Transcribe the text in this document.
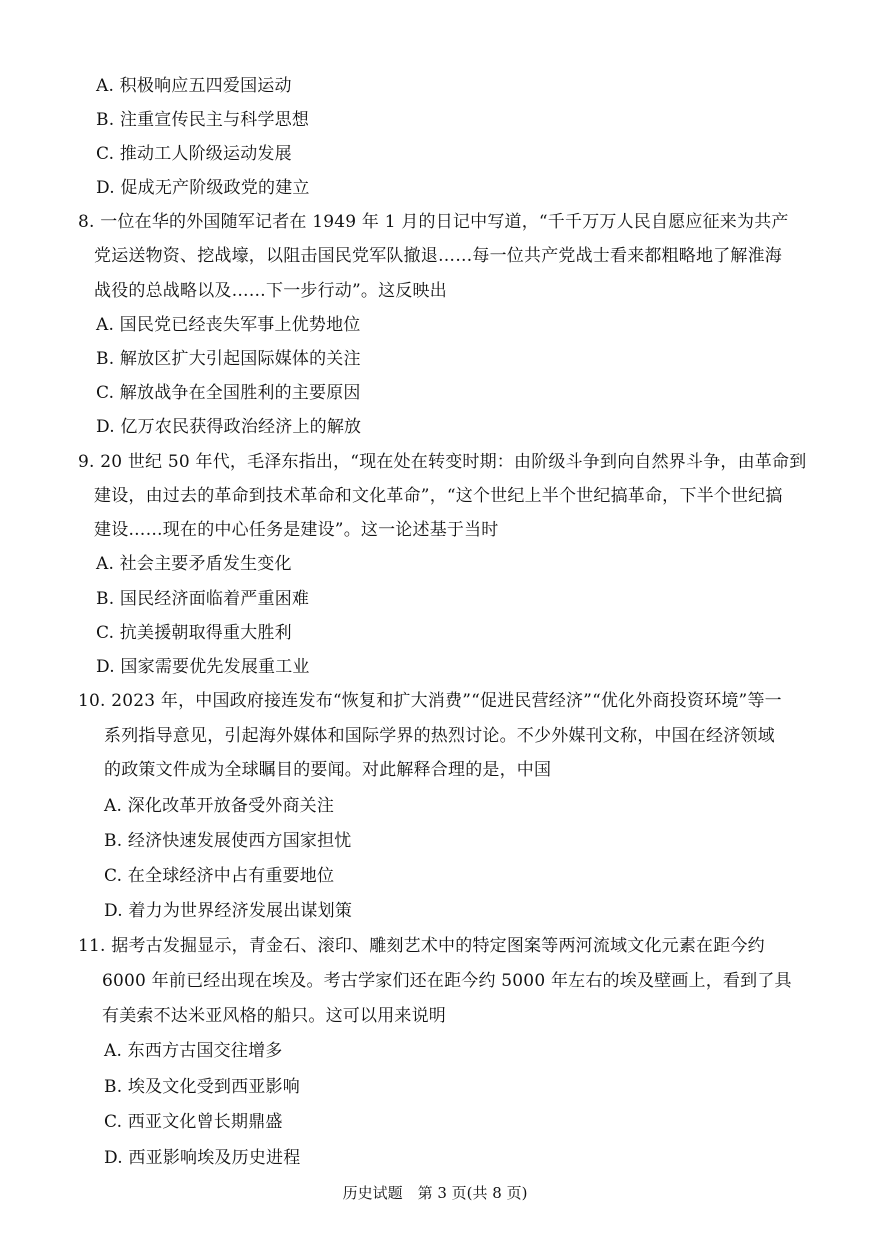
A. 积极响应五四爱国运动
B. 注重宣传民主与科学思想
C. 推动工人阶级运动发展
D. 促成无产阶级政党的建立
8. 一位在华的外国随军记者在 1949 年 1 月的日记中写道，“千千万万人民自愿应征来为共产
党运送物资、挖战壕，以阻击国民党军队撤退……每一位共产党战士看来都粗略地了解淮海
战役的总战略以及……下一步行动”。这反映出
A. 国民党已经丧失军事上优势地位
B. 解放区扩大引起国际媒体的关注
C. 解放战争在全国胜利的主要原因
D. 亿万农民获得政治经济上的解放
9. 20 世纪 50 年代，毛泽东指出，“现在处在转变时期：由阶级斗争到向自然界斗争，由革命到
建设，由过去的革命到技术革命和文化革命”，“这个世纪上半个世纪搞革命，下半个世纪搞
建设……现在的中心任务是建设”。这一论述基于当时
A. 社会主要矛盾发生变化
B. 国民经济面临着严重困难
C. 抗美援朝取得重大胜利
D. 国家需要优先发展重工业
10. 2023 年，中国政府接连发布“恢复和扩大消费”“促进民营经济”“优化外商投资环境”等一
系列指导意见，引起海外媒体和国际学界的热烈讨论。不少外媒刊文称，中国在经济领域
的政策文件成为全球瞩目的要闻。对此解释合理的是，中国
A. 深化改革开放备受外商关注
B. 经济快速发展使西方国家担忧
C. 在全球经济中占有重要地位
D. 着力为世界经济发展出谋划策
11. 据考古发掘显示，青金石、滚印、雕刻艺术中的特定图案等两河流域文化元素在距今约
6000 年前已经出现在埃及。考古学家们还在距今约 5000 年左右的埃及壁画上，看到了具
有美索不达米亚风格的船只。这可以用来说明
A. 东西方古国交往增多
B. 埃及文化受到西亚影响
C. 西亚文化曾长期鼎盛
D. 西亚影响埃及历史进程
历史试题　第 3 页(共 8 页)
